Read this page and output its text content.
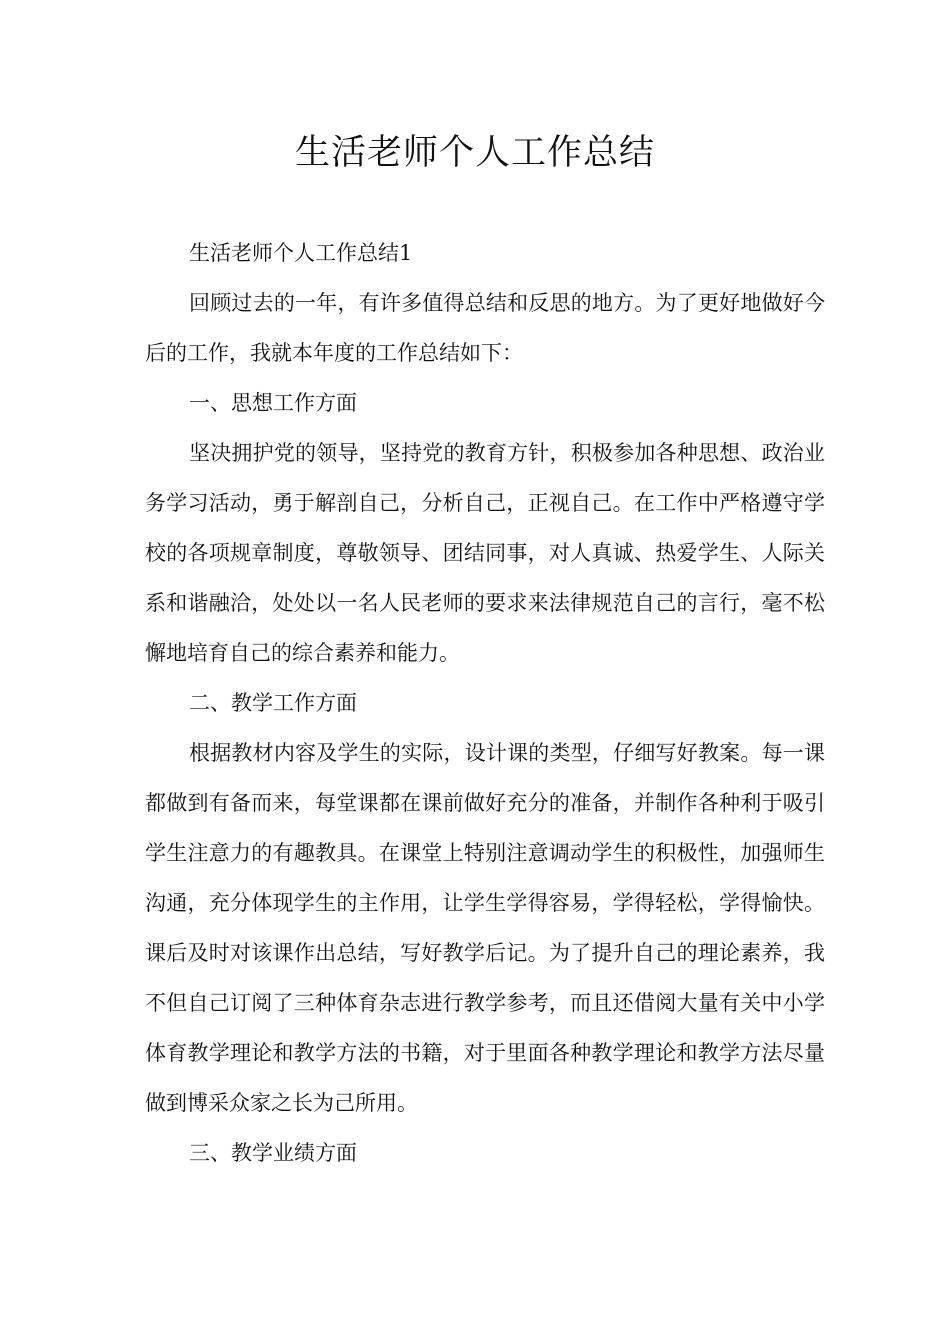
生活老师个人工作总结

生活老师个人工作总结1

回顾过去的一年，有许多值得总结和反思的地方。为了更好地做好今后的工作，我就本年度的工作总结如下：

一、思想工作方面

坚决拥护党的领导，坚持党的教育方针，积极参加各种思想、政治业务学习活动，勇于解剖自己，分析自己，正视自己。在工作中严格遵守学校的各项规章制度，尊敬领导、团结同事，对人真诚、热爱学生、人际关系和谐融洽，处处以一名人民老师的要求来法律规范自己的言行，毫不松懈地培育自己的综合素养和能力。

二、教学工作方面

根据教材内容及学生的实际，设计课的类型，仔细写好教案。每一课都做到有备而来，每堂课都在课前做好充分的准备，并制作各种利于吸引学生注意力的有趣教具。在课堂上特别注意调动学生的积极性，加强师生沟通，充分体现学生的主作用，让学生学得容易，学得轻松，学得愉快。课后及时对该课作出总结，写好教学后记。为了提升自己的理论素养，我不但自己订阅了三种体育杂志进行教学参考，而且还借阅大量有关中小学体育教学理论和教学方法的书籍，对于里面各种教学理论和教学方法尽量做到博采众家之长为己所用。

三、教学业绩方面
